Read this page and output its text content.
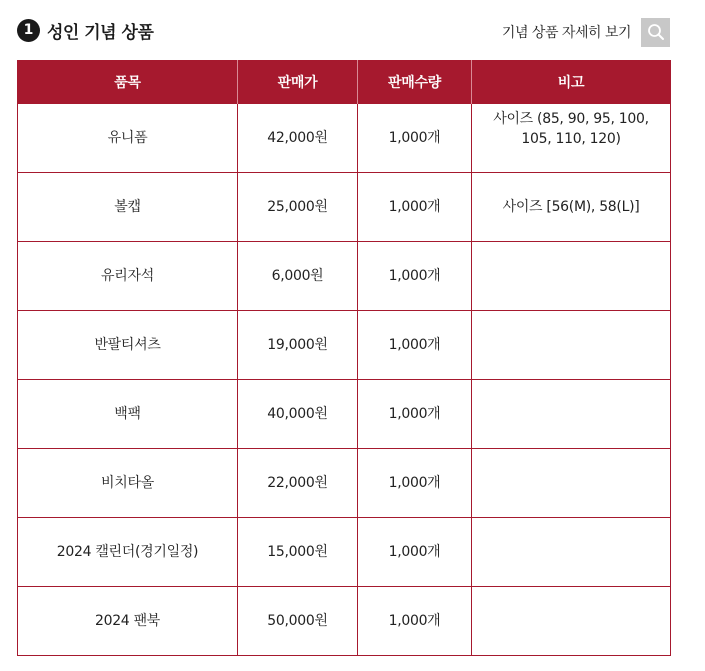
1 성인 기념 상품	기념 상품 자세히 보기
품목	판매가	판매수량	비고
유니폼	42,000원	1,000개	사이즈 (85, 90, 95, 100, 105, 110, 120)

볼캡	25,000원	1,000개	사이즈 [56(M), 58(L)]
유리자석	6,000원	1,000개	
반팔티셔츠	19,000원	1,000개	
백팩	40,000원	1,000개	
비치타올	22,000원	1,000개	
2024 캘린더(경기일정)	15,000원	1,000개	
2024 팬북	50,000원	1,000개	
